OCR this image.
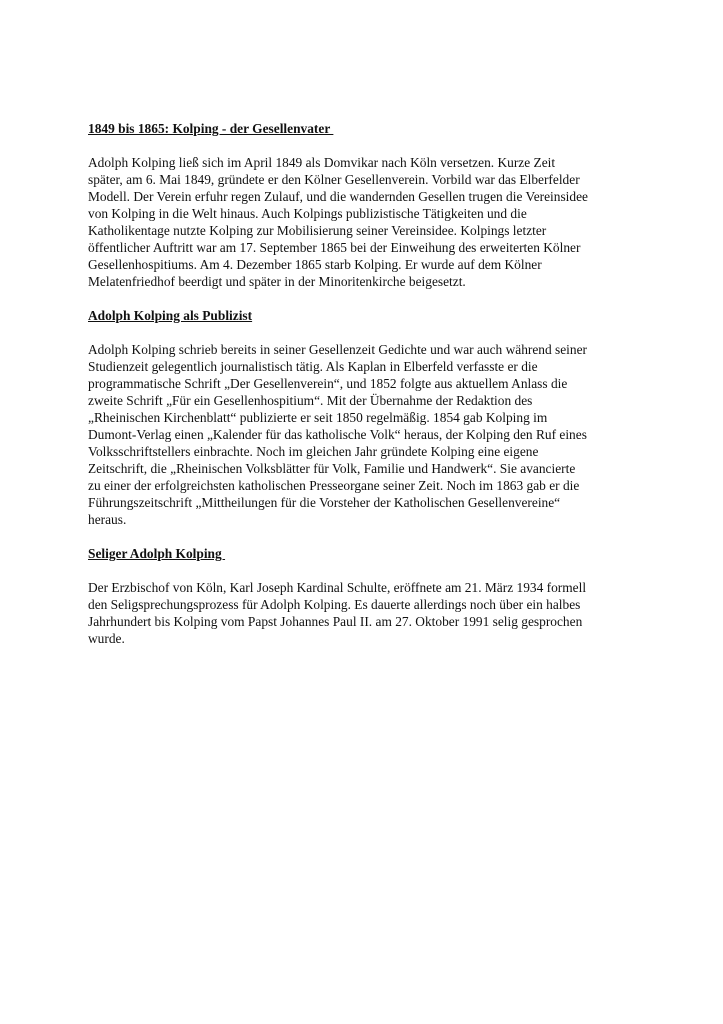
1849 bis 1865: Kolping - der Gesellenvater
Adolph Kolping ließ sich im April 1849 als Domvikar nach Köln versetzen. Kurze Zeit
später, am 6. Mai 1849, gründete er den Kölner Gesellenverein. Vorbild war das Elberfelder
Modell. Der Verein erfuhr regen Zulauf, und die wandernden Gesellen trugen die Vereinsidee
von Kolping in die Welt hinaus. Auch Kolpings publizistische Tätigkeiten und die
Katholikentage nutzte Kolping zur Mobilisierung seiner Vereinsidee. Kolpings letzter
öffentlicher Auftritt war am 17. September 1865 bei der Einweihung des erweiterten Kölner
Gesellenhospitiums. Am 4. Dezember 1865 starb Kolping. Er wurde auf dem Kölner
Melatenfriedhof beerdigt und später in der Minoritenkirche beigesetzt.
Adolph Kolping als Publizist
Adolph Kolping schrieb bereits in seiner Gesellenzeit Gedichte und war auch während seiner
Studienzeit gelegentlich journalistisch tätig. Als Kaplan in Elberfeld verfasste er die
programmatische Schrift „Der Gesellenverein“, und 1852 folgte aus aktuellem Anlass die
zweite Schrift „Für ein Gesellenhospitium“. Mit der Übernahme der Redaktion des
„Rheinischen Kirchenblatt“ publizierte er seit 1850 regelmäßig. 1854 gab Kolping im
Dumont-Verlag einen „Kalender für das katholische Volk“ heraus, der Kolping den Ruf eines
Volksschriftstellers einbrachte. Noch im gleichen Jahr gründete Kolping eine eigene
Zeitschrift, die „Rheinischen Volksblätter für Volk, Familie und Handwerk“. Sie avancierte
zu einer der erfolgreichsten katholischen Presseorgane seiner Zeit. Noch im 1863 gab er die
Führungszeitschrift „Mittheilungen für die Vorsteher der Katholischen Gesellenvereine“
heraus.
Seliger Adolph Kolping
Der Erzbischof von Köln, Karl Joseph Kardinal Schulte, eröffnete am 21. März 1934 formell
den Seligsprechungsprozess für Adolph Kolping. Es dauerte allerdings noch über ein halbes
Jahrhundert bis Kolping vom Papst Johannes Paul II. am 27. Oktober 1991 selig gesprochen
wurde.
